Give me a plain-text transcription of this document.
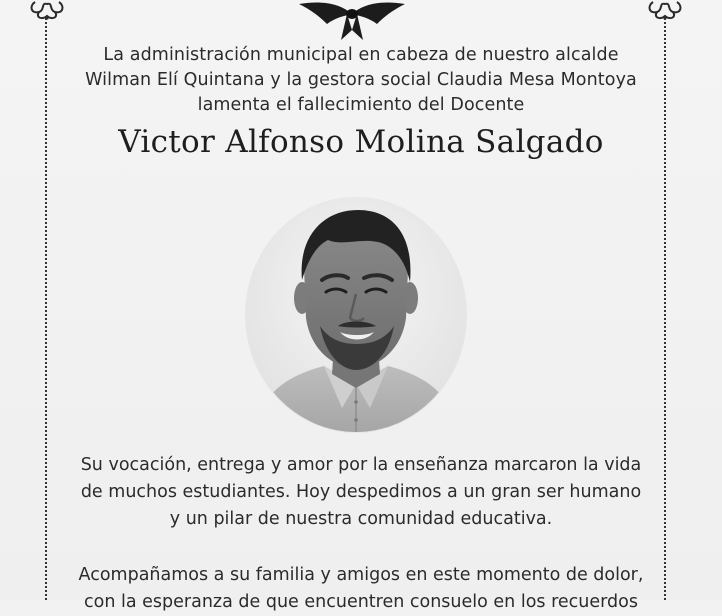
La administración municipal en cabeza de nuestro alcalde
Wilman Elí Quintana y la gestora social Claudia Mesa Montoya
lamenta el fallecimiento del Docente
Victor Alfonso Molina Salgado
Su vocación, entrega y amor por la enseñanza marcaron la vida
de muchos estudiantes. Hoy despedimos a un gran ser humano
y un pilar de nuestra comunidad educativa.
Acompañamos a su familia y amigos en este momento de dolor,
con la esperanza de que encuentren consuelo en los recuerdos
